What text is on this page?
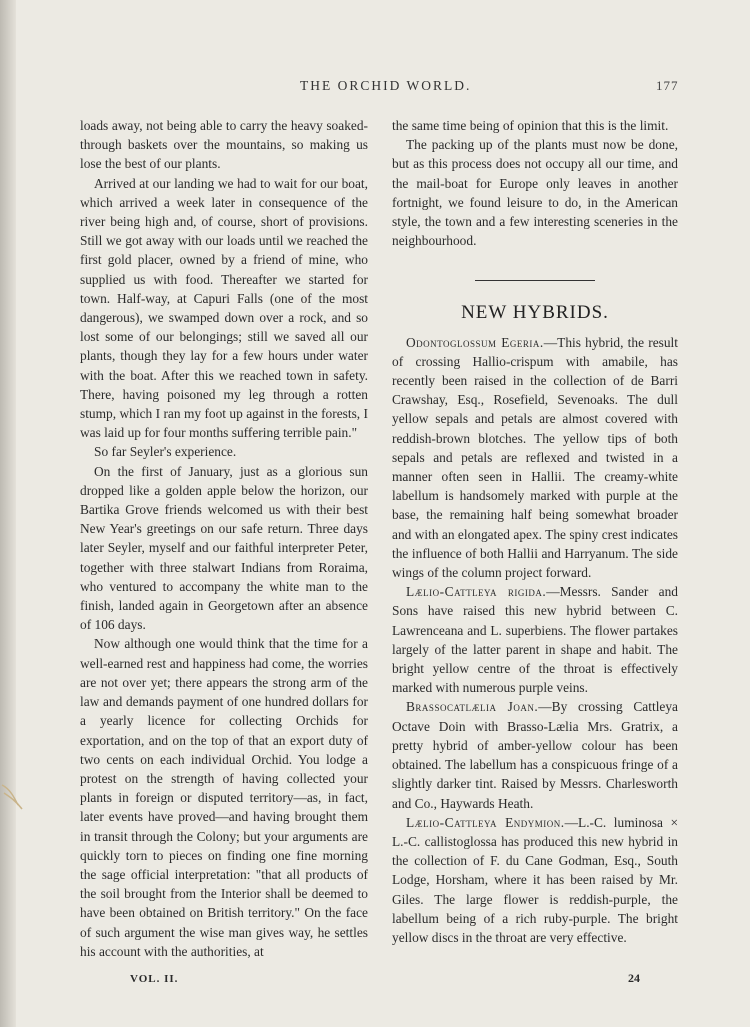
THE ORCHID WORLD.	177

loads away, not being able to carry the heavy soaked-through baskets over the mountains, so making us lose the best of our plants.

Arrived at our landing we had to wait for our boat, which arrived a week later in consequence of the river being high and, of course, short of provisions. Still we got away with our loads until we reached the first gold placer, owned by a friend of mine, who supplied us with food. Thereafter we started for town. Half-way, at Capuri Falls (one of the most dangerous), we swamped down over a rock, and so lost some of our belongings; still we saved all our plants, though they lay for a few hours under water with the boat. After this we reached town in safety. There, having poisoned my leg through a rotten stump, which I ran my foot up against in the forests, I was laid up for four months suffering terrible pain."

So far Seyler's experience.

On the first of January, just as a glorious sun dropped like a golden apple below the horizon, our Bartika Grove friends welcomed us with their best New Year's greetings on our safe return. Three days later Seyler, myself and our faithful interpreter Peter, together with three stalwart Indians from Roraima, who ventured to accompany the white man to the finish, landed again in Georgetown after an absence of 106 days.

Now although one would think that the time for a well-earned rest and happiness had come, the worries are not over yet; there appears the strong arm of the law and demands payment of one hundred dollars for a yearly licence for collecting Orchids for exportation, and on the top of that an export duty of two cents on each individual Orchid. You lodge a protest on the strength of having collected your plants in foreign or disputed territory—as, in fact, later events have proved—and having brought them in transit through the Colony; but your arguments are quickly torn to pieces on finding one fine morning the sage official interpretation: "that all products of the soil brought from the Interior shall be deemed to have been obtained on British territory." On the face of such argument the wise man gives way, he settles his account with the authorities, at

the same time being of opinion that this is the limit.

The packing up of the plants must now be done, but as this process does not occupy all our time, and the mail-boat for Europe only leaves in another fortnight, we found leisure to do, in the American style, the town and a few interesting sceneries in the neighbourhood.

NEW HYBRIDS.

Odontoglossum Egeria.—This hybrid, the result of crossing Hallio-crispum with amabile, has recently been raised in the collection of de Barri Crawshay, Esq., Rosefield, Sevenoaks. The dull yellow sepals and petals are almost covered with reddish-brown blotches. The yellow tips of both sepals and petals are reflexed and twisted in a manner often seen in Hallii. The creamy-white labellum is handsomely marked with purple at the base, the remaining half being somewhat broader and with an elongated apex. The spiny crest indicates the influence of both Hallii and Harryanum. The side wings of the column project forward.

Lælio-Cattleya rigida.—Messrs. Sander and Sons have raised this new hybrid between C. Lawrenceana and L. superbiens. The flower partakes largely of the latter parent in shape and habit. The bright yellow centre of the throat is effectively marked with numerous purple veins.

Brassocatlælia Joan.—By crossing Cattleya Octave Doin with Brasso-Lælia Mrs. Gratrix, a pretty hybrid of amber-yellow colour has been obtained. The labellum has a conspicuous fringe of a slightly darker tint. Raised by Messrs. Charlesworth and Co., Haywards Heath.

Lælio-Cattleya Endymion.—L.-C. luminosa × L.-C. callistoglossa has produced this new hybrid in the collection of F. du Cane Godman, Esq., South Lodge, Horsham, where it has been raised by Mr. Giles. The large flower is reddish-purple, the labellum being of a rich ruby-purple. The bright yellow discs in the throat are very effective.

VOL. II.	24
